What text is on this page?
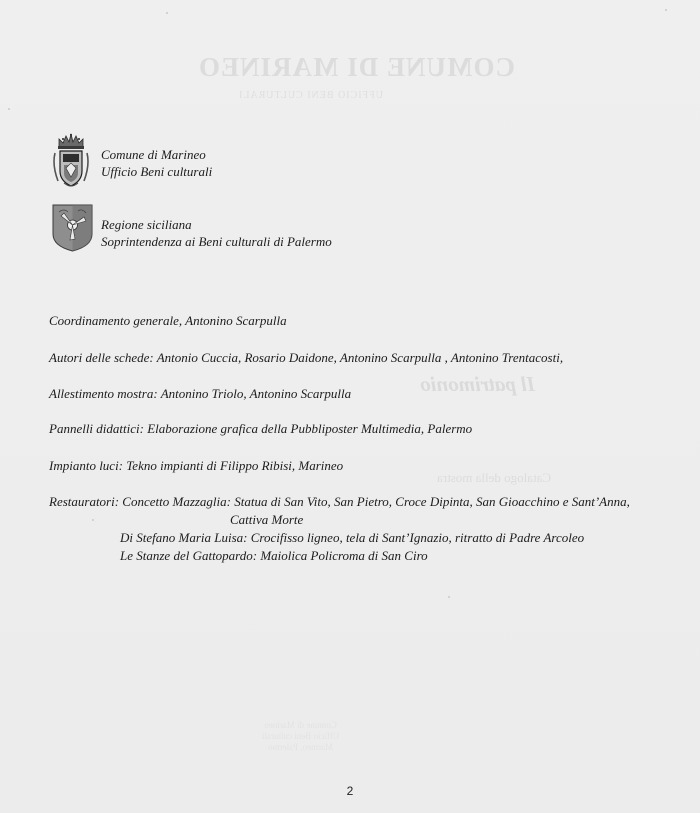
COMUNE DI MARINEO
UFFICIO BENI CULTURALI
Il patrimonio
Catalogo della mostra
Comune di Marineo
Ufficio Beni culturali
Regione siciliana
Soprintendenza ai Beni culturali di Palermo
Coordinamento generale, Antonino Scarpulla
Autori delle schede: Antonio Cuccia, Rosario Daidone, Antonino Scarpulla , Antonino Trentacosti,
Allestimento mostra: Antonino Triolo, Antonino Scarpulla
Pannelli didattici: Elaborazione grafica della Pubbliposter Multimedia, Palermo
Impianto luci: Tekno impianti di Filippo Ribisi, Marineo
Restauratori: Concetto Mazzaglia: Statua di San Vito, San Pietro, Croce Dipinta, San Gioacchino e Sant’Anna,
Cattiva Morte
Di Stefano Maria Luisa: Crocifisso ligneo, tela di Sant’Ignazio, ritratto di Padre Arcoleo
Le Stanze del Gattopardo: Maiolica Policroma di San Ciro
Comune di Marineo
Ufficio Beni culturali
Marineo, Palermo
2
